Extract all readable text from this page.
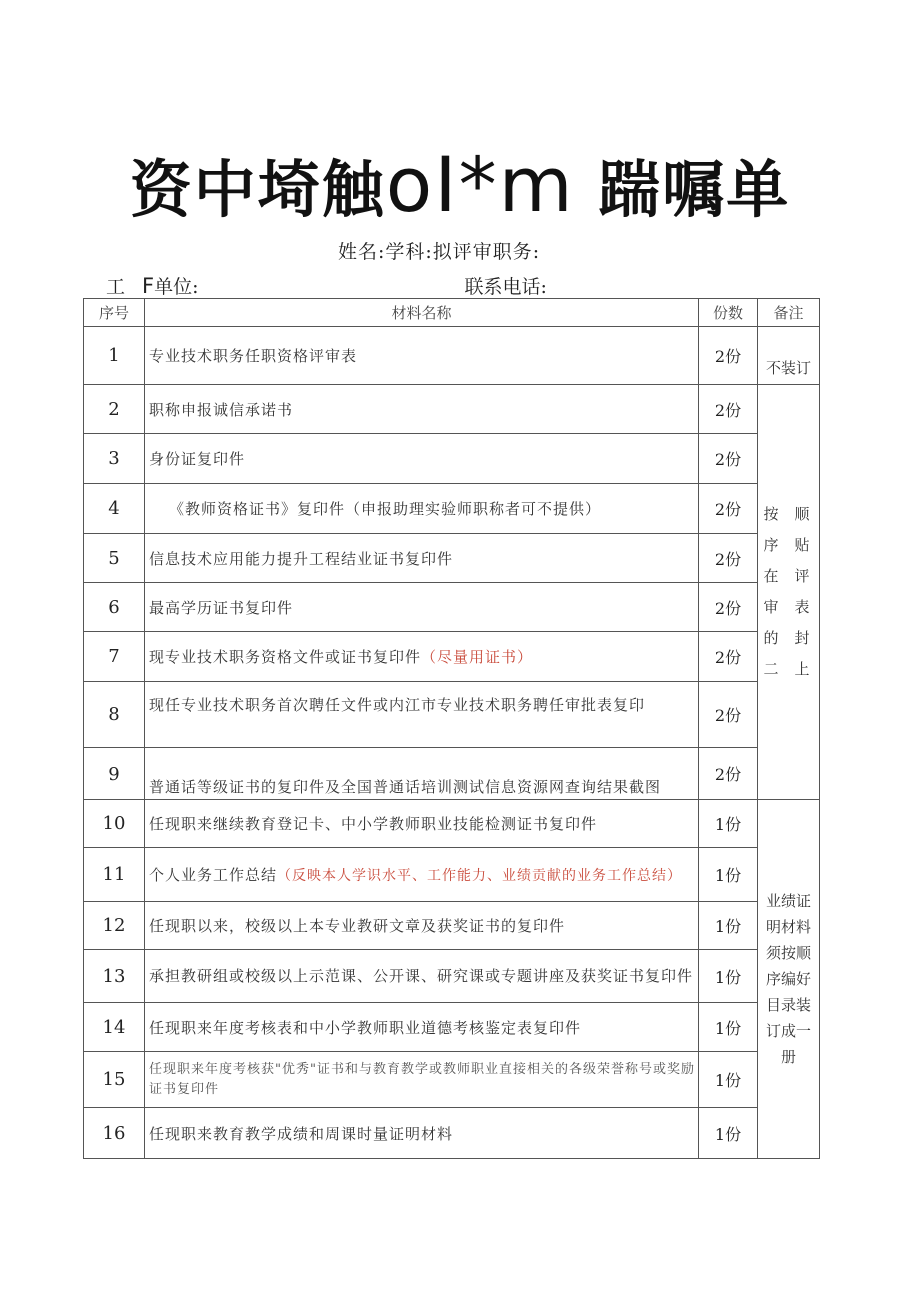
资中埼触oI*m 踹嘱单
姓名:学科:拟评审职务:
工 F单位:	联系电话:
序号	材料名称	份数	备注
1	专业技术职务任职资格评审表	2份	不装订
2	职称申报诚信承诺书	2份	按顺序贴在评审表的封二上
3	身份证复印件	2份	
4	《教师资格证书》复印件（申报助理实验师职称者可不提供）	2份	
5	信息技术应用能力提升工程结业证书复印件	2份	
6	最高学历证书复印件	2份	
7	现专业技术职务资格文件或证书复印件（尽量用证书）	2份	
8	现任专业技术职务首次聘任文件或内江市专业技术职务聘任审批表复印	2份	
9	普通话等级证书的复印件及全国普通话培训测试信息资源网查询结果截图	2份	
10	任现职来继续教育登记卡、中小学教师职业技能检测证书复印件	1份	业绩证明材料须按顺序编好目录装订成一册
11	个人业务工作总结（反映本人学识水平、工作能力、业绩贡献的业务工作总结）	1份	
12	任现职以来，校级以上本专业教研文章及获奖证书的复印件	1份	
13	承担教研组或校级以上示范课、公开课、研究课或专题讲座及获奖证书复印件	1份	
14	任现职来年度考核表和中小学教师职业道德考核鉴定表复印件	1份	
15	任现职来年度考核获"优秀"证书和与教育教学或教师职业直接相关的各级荣誉称号或奖励证书复印件	1份	
16	任现职来教育教学成绩和周课时量证明材料	1份	
